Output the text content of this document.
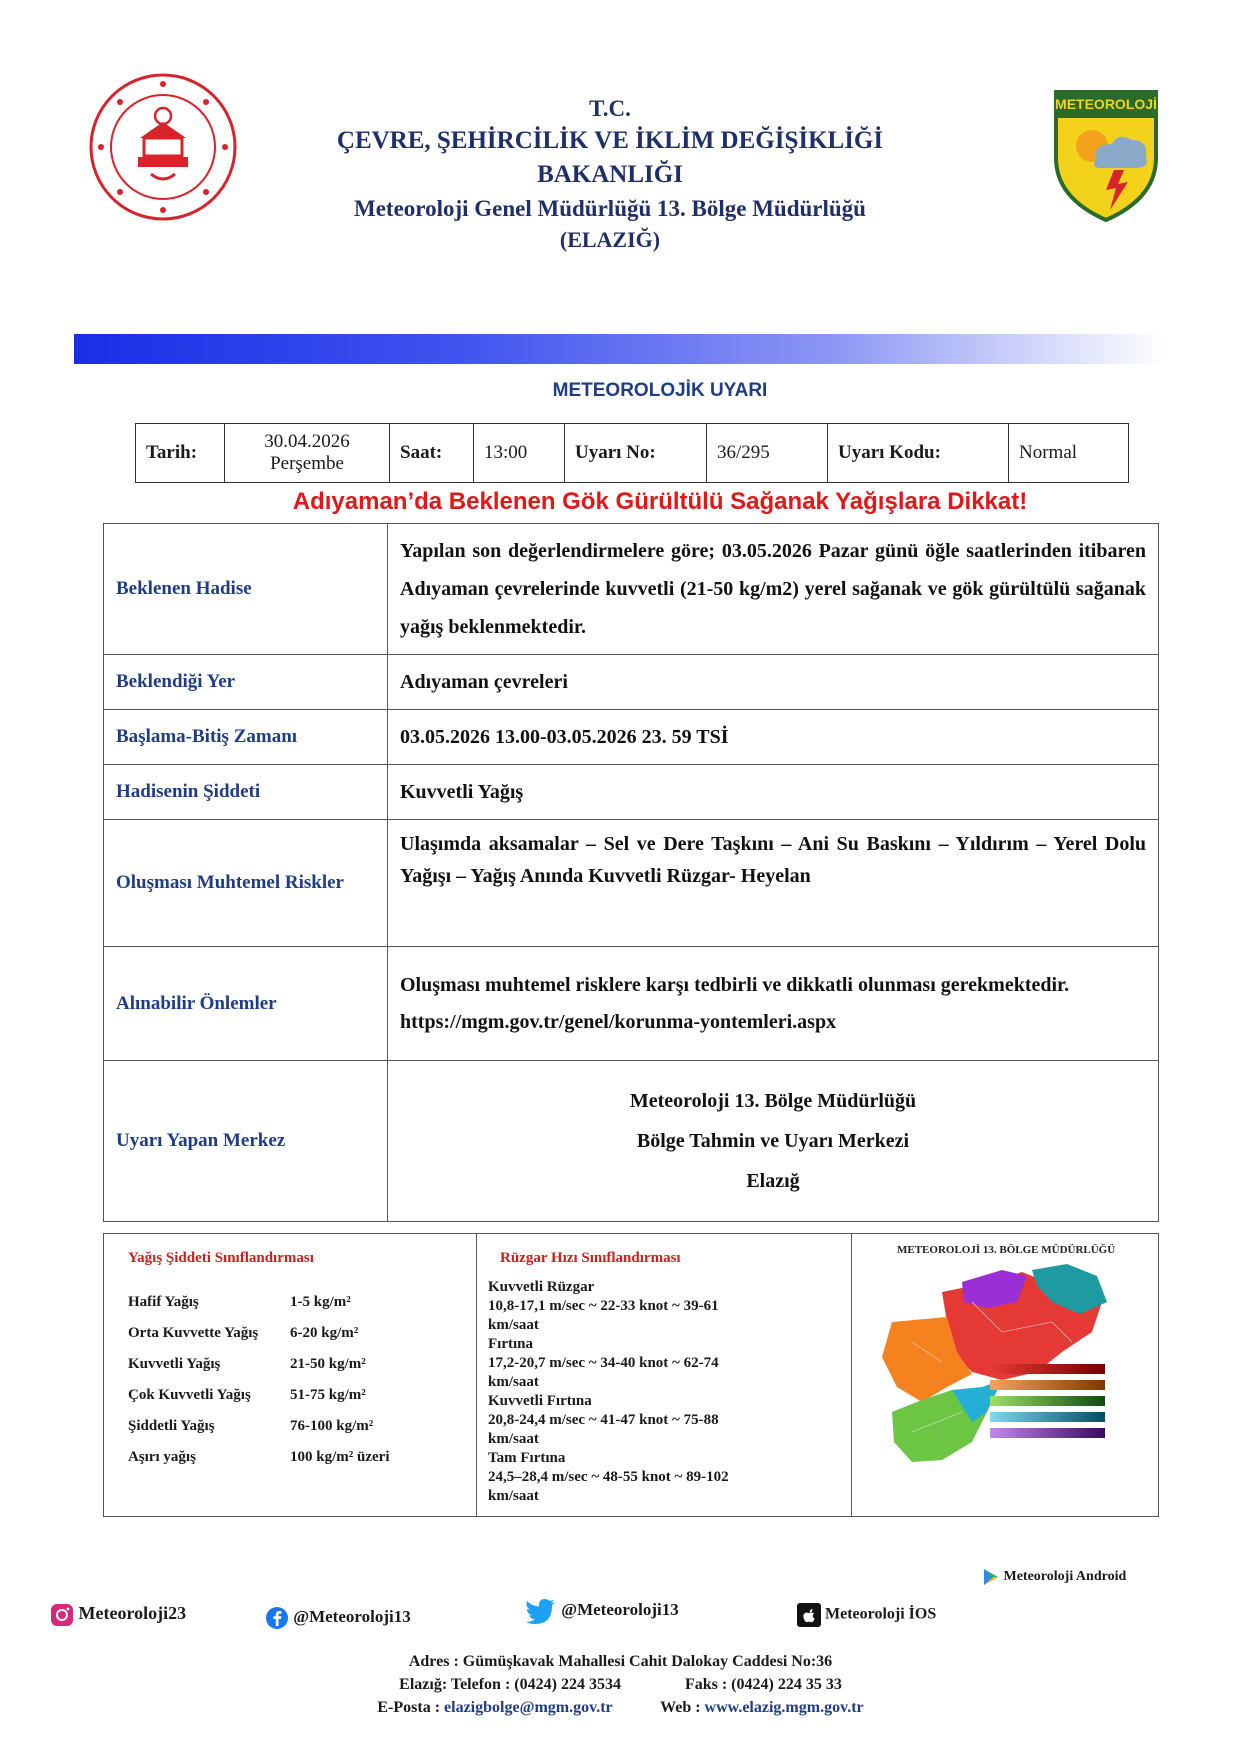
T.C.
ÇEVRE, ŞEHİRCİLİK VE İKLİM DEĞİŞİKLİĞİ
BAKANLIĞI
Meteoroloji Genel Müdürlüğü 13. Bölge Müdürlüğü
(ELAZIĞ)
METEOROLOJİ
METEOROLOJİK UYARI
Tarih:	
30.04.2026
Perşembe
	Saat:	13:00	Uyarı No:	36/295	Uyarı Kodu:	Normal
Adıyaman’da Beklenen Gök Gürültülü Sağanak Yağışlara Dikkat!
Beklenen Hadise	Yapılan son değerlendirmelere göre; 03.05.2026 Pazar günü öğle saatlerinden itibaren Adıyaman çevrelerinde kuvvetli (21-50 kg/m2) yerel sağanak ve gök gürültülü sağanak yağış beklenmektedir.
Beklendiği Yer	Adıyaman çevreleri
Başlama-Bitiş Zamanı	03.05.2026 13.00-03.05.2026 23. 59 TSİ
Hadisenin Şiddeti	Kuvvetli Yağış
Oluşması Muhtemel Riskler	Ulaşımda aksamalar – Sel ve Dere Taşkını – Ani Su Baskını – Yıldırım – Yerel Dolu Yağışı – Yağış Anında Kuvvetli Rüzgar- Heyelan
Alınabilir Önlemler	Oluşması muhtemel risklere karşı tedbirli ve dikkatli olunması gerekmektedir.
https://mgm.gov.tr/genel/korunma-yontemleri.aspx

Uyarı Yapan Merkez	Meteoroloji 13. Bölge Müdürlüğü
Bölge Tahmin ve Uyarı Merkezi
Elazığ
Yağış Şiddeti Sınıflandırması
Hafif Yağış	1-5 kg/m²
Orta Kuvvette Yağış 6-20 kg/m²
Kuvvetli Yağış	21-50 kg/m²
Çok Kuvvetli Yağış	51-75 kg/m²
Şiddetli Yağış	76-100 kg/m²
Aşırı yağış	100 kg/m² üzeri
Rüzgar Hızı Sınıflandırması
Kuvvetli Rüzgar
10,8-17,1 m/sec ~ 22-33 knot ~ 39-61 km/saat
Fırtına
17,2-20,7 m/sec ~ 34-40 knot ~ 62-74 km/saat
Kuvvetli Fırtına
20,8-24,4 m/sec ~ 41-47 knot ~ 75-88 km/saat
Tam Fırtına
24,5–28,4 m/sec ~ 48-55 knot ~ 89-102 km/saat
METEOROLOJİ 13. BÖLGE MÜDÜRLÜĞÜ
Meteoroloji Android
Meteoroloji23	@Meteoroloji13	@Meteoroloji13	Meteoroloji İOS
Adres : Gümüşkavak Mahallesi Cahit Dalokay Caddesi No:36
Elazığ: Telefon : (0424) 224 3534	Faks : (0424) 224 35 33
E-Posta : elazigbolge@mgm.gov.tr	Web : www.elazig.mgm.gov.tr
